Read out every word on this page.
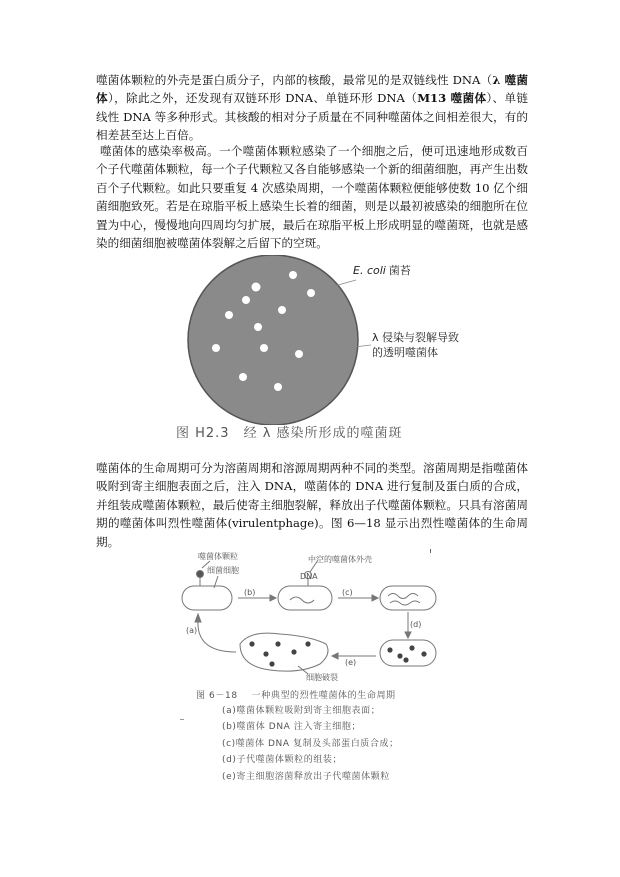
噬菌体颗粒的外壳是蛋白质分子，内部的核酸，最常见的是双链线性 DNA（λ 噬菌体），除此之外，还发现有双链环形 DNA、单链环形 DNA（M13 噬菌体）、单链线性 DNA 等多种形式。其核酸的相对分子质量在不同种噬菌体之间相差很大，有的相差甚至达上百倍。

噬菌体的感染率极高。一个噬菌体颗粒感染了一个细胞之后，便可迅速地形成数百个子代噬菌体颗粒，每一个子代颗粒又各自能够感染一个新的细菌细胞，再产生出数百个子代颗粒。如此只要重复 4 次感染周期，一个噬菌体颗粒便能够使数 10 亿个细菌细胞致死。若是在琼脂平板上感染生长着的细菌，则是以最初被感染的细胞所在位置为中心，慢慢地向四周均匀扩展，最后在琼脂平板上形成明显的噬菌斑，也就是感染的细菌细胞被噬菌体裂解之后留下的空斑。

E. coli 菌苔
λ 侵染与裂解导致
的透明噬菌体
图 H2.3 经 λ 感染所形成的噬菌斑

噬菌体的生命周期可分为溶菌周期和溶源周期两种不同的类型。溶菌周期是指噬菌体吸附到寄主细胞表面之后，注入 DNA，噬菌体的 DNA 进行复制及蛋白质的合成，并组装成噬菌体颗粒，最后使寄主细胞裂解，释放出子代噬菌体颗粒。只具有溶菌周期的噬菌体叫烈性噬菌体(virulentphage)。图 6—18 显示出烈性噬菌体的生命周期。

噬菌体颗粒
细菌细胞
中空的噬菌体外壳
DNA
(b)	(c)
(d)
(a)
(e)
细胞破裂
图 6－18 一种典型的烈性噬菌体的生命周期
(a)噬菌体颗粒吸附到寄主细胞表面；
(b)噬菌体 DNA 注入寄主细胞；
(c)噬菌体 DNA 复制及头部蛋白质合成；
(d)子代噬菌体颗粒的组装；
(e)寄主细胞溶菌释放出子代噬菌体颗粒
